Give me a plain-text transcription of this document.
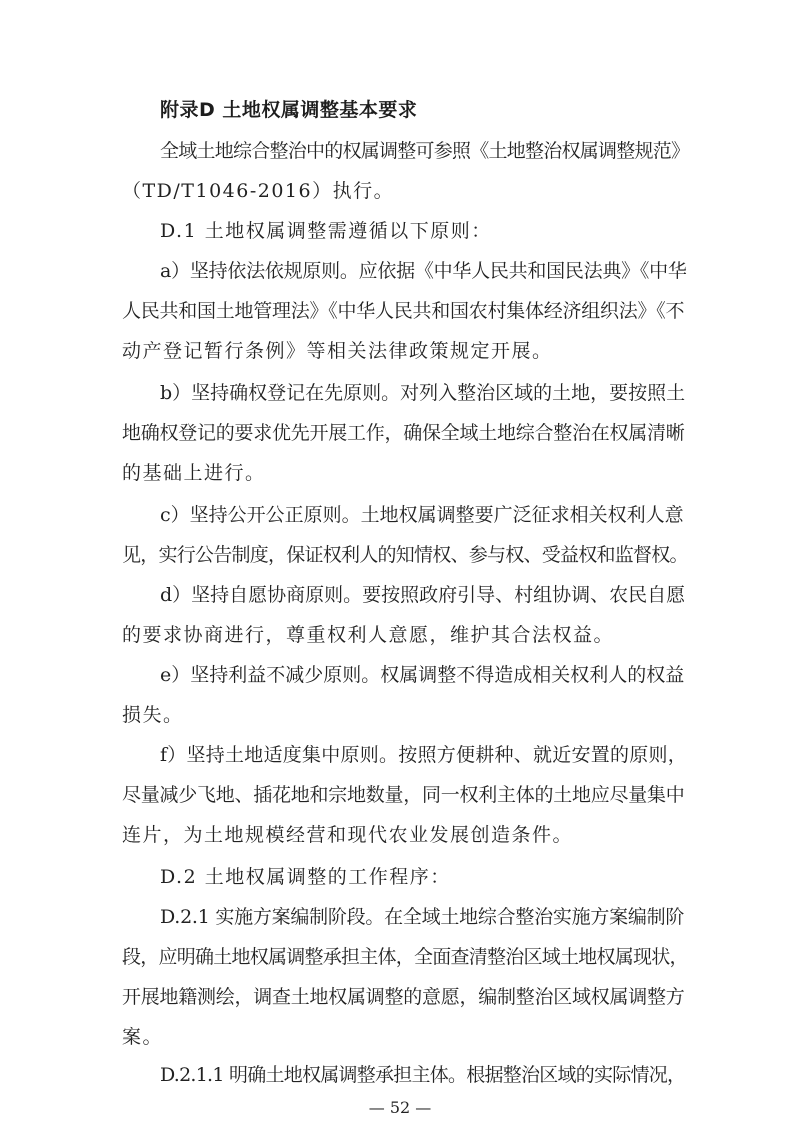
附录D 土地权属调整基本要求
全域土地综合整治中的权属调整可参照《土地整治权属调整规范》
（TD/T1046-2016）执行。
D.1 土地权属调整需遵循以下原则：
a）坚持依法依规原则。应依据《中华人民共和国民法典》《中华
人民共和国土地管理法》《中华人民共和国农村集体经济组织法》《不
动产登记暂行条例》等相关法律政策规定开展。
b）坚持确权登记在先原则。对列入整治区域的土地，要按照土
地确权登记的要求优先开展工作，确保全域土地综合整治在权属清晰
的基础上进行。
c）坚持公开公正原则。土地权属调整要广泛征求相关权利人意
见，实行公告制度，保证权利人的知情权、参与权、受益权和监督权。
d）坚持自愿协商原则。要按照政府引导、村组协调、农民自愿
的要求协商进行，尊重权利人意愿，维护其合法权益。
e）坚持利益不减少原则。权属调整不得造成相关权利人的权益
损失。
f）坚持土地适度集中原则。按照方便耕种、就近安置的原则，
尽量减少飞地、插花地和宗地数量，同一权利主体的土地应尽量集中
连片，为土地规模经营和现代农业发展创造条件。
D.2 土地权属调整的工作程序：
D.2.1 实施方案编制阶段。在全域土地综合整治实施方案编制阶
段，应明确土地权属调整承担主体，全面查清整治区域土地权属现状，
开展地籍测绘，调查土地权属调整的意愿，编制整治区域权属调整方
案。
D.2.1.1 明确土地权属调整承担主体。根据整治区域的实际情况，
— 52 —
